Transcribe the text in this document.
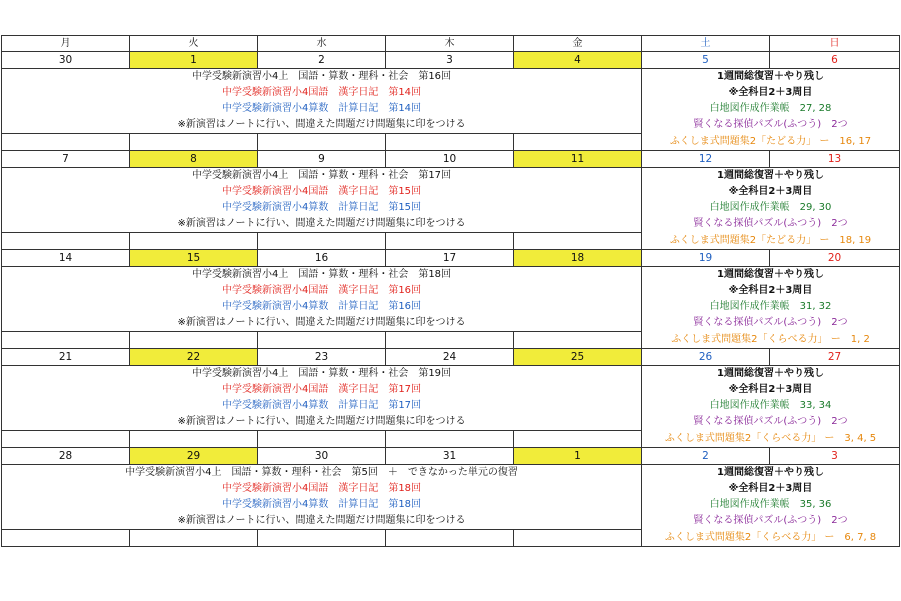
月	火	水	木	金	土	日
30	1	2	3	4	5	6
中学受験新演習小4上　国語・算数・理科・社会　第16回					1週間総復習＋やり残し	
中学受験新演習小4国語　漢字日記　第14回					※全科目2＋3周目	
中学受験新演習小4算数　計算日記　第14回					白地図作成作業帳　27, 28	
※新演習はノートに行い、間違えた問題だけ問題集に印をつける					賢くなる探偵パズル(ふつう)　2つ	
					ふくしま式問題集2「たどる力」 ー　16, 17	
7	8	9	10	11	12	13
中学受験新演習小4上　国語・算数・理科・社会　第17回					1週間総復習＋やり残し	
中学受験新演習小4国語　漢字日記　第15回					※全科目2＋3周目	
中学受験新演習小4算数　計算日記　第15回					白地図作成作業帳　29, 30	
※新演習はノートに行い、間違えた問題だけ問題集に印をつける					賢くなる探偵パズル(ふつう)　2つ	
					ふくしま式問題集2「たどる力」 ー　18, 19	
14	15	16	17	18	19	20
中学受験新演習小4上　国語・算数・理科・社会　第18回					1週間総復習＋やり残し	
中学受験新演習小4国語　漢字日記　第16回					※全科目2＋3周目	
中学受験新演習小4算数　計算日記　第16回					白地図作成作業帳　31, 32	
※新演習はノートに行い、間違えた問題だけ問題集に印をつける					賢くなる探偵パズル(ふつう)　2つ	
					ふくしま式問題集2「くらべる力」 ー　1, 2	
21	22	23	24	25	26	27
中学受験新演習小4上　国語・算数・理科・社会　第19回					1週間総復習＋やり残し	
中学受験新演習小4国語　漢字日記　第17回					※全科目2＋3周目	
中学受験新演習小4算数　計算日記　第17回					白地図作成作業帳　33, 34	
※新演習はノートに行い、間違えた問題だけ問題集に印をつける					賢くなる探偵パズル(ふつう)　2つ	
					ふくしま式問題集2「くらべる力」 ー　3, 4, 5	
28	29	30	31	1	2	3
中学受験新演習小4上　国語・算数・理科・社会　第5回　＋　できなかった単元の復習					1週間総復習＋やり残し	
中学受験新演習小4国語　漢字日記　第18回					※全科目2＋3周目	
中学受験新演習小4算数　計算日記　第18回					白地図作成作業帳　35, 36	
※新演習はノートに行い、間違えた問題だけ問題集に印をつける					賢くなる探偵パズル(ふつう)　2つ	
					ふくしま式問題集2「くらべる力」 ー　6, 7, 8	
